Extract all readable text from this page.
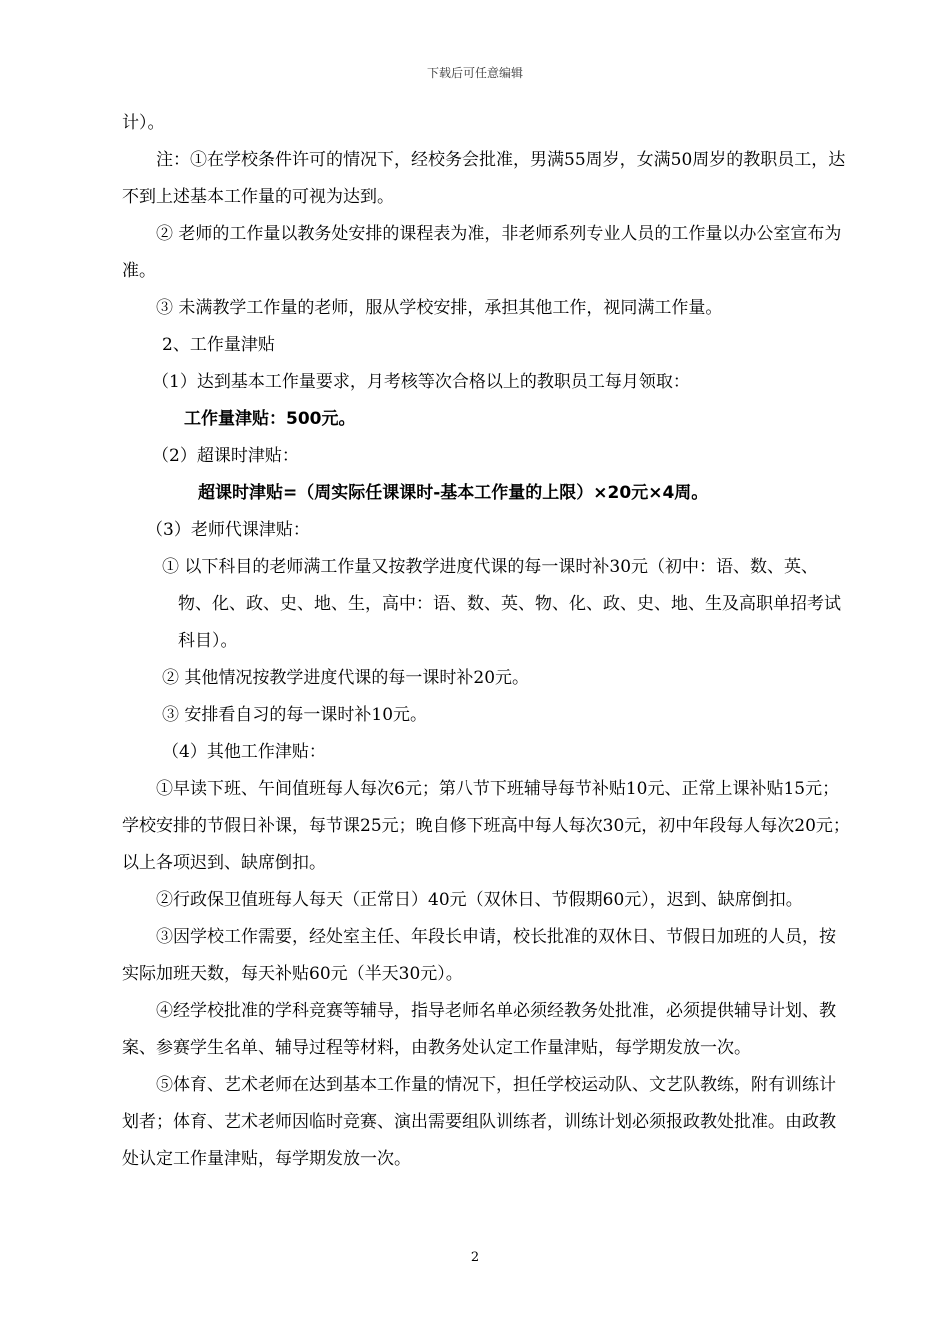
下载后可任意编辑

计）。

注：①在学校条件许可的情况下，经校务会批准，男满55周岁，女满50周岁的教职员工，达不到上述基本工作量的可视为达到。

② 老师的工作量以教务处安排的课程表为准，非老师系列专业人员的工作量以办公室宣布为准。

③ 未满教学工作量的老师，服从学校安排，承担其他工作，视同满工作量。

2、工作量津贴

（1）达到基本工作量要求，月考核等次合格以上的教职员工每月领取：

工作量津贴：500元。

（2）超课时津贴：

超课时津贴=（周实际任课课时-基本工作量的上限）×20元×4周。

（3）老师代课津贴：

① 以下科目的老师满工作量又按教学进度代课的每一课时补30元（初中：语、数、英、物、化、政、史、地、生，高中：语、数、英、物、化、政、史、地、生及高职单招考试科目）。

② 其他情况按教学进度代课的每一课时补20元。

③ 安排看自习的每一课时补10元。

（4）其他工作津贴：

①早读下班、午间值班每人每次6元；第八节下班辅导每节补贴10元、正常上课补贴15元；学校安排的节假日补课，每节课25元；晚自修下班高中每人每次30元，初中年段每人每次20元；以上各项迟到、缺席倒扣。

②行政保卫值班每人每天（正常日）40元（双休日、节假期60元），迟到、缺席倒扣。

③因学校工作需要，经处室主任、年段长申请，校长批准的双休日、节假日加班的人员，按实际加班天数，每天补贴60元（半天30元）。

④经学校批准的学科竞赛等辅导，指导老师名单必须经教务处批准，必须提供辅导计划、教案、参赛学生名单、辅导过程等材料，由教务处认定工作量津贴，每学期发放一次。

⑤体育、艺术老师在达到基本工作量的情况下，担任学校运动队、文艺队教练，附有训练计划者；体育、艺术老师因临时竞赛、演出需要组队训练者，训练计划必须报政教处批准。由政教处认定工作量津贴，每学期发放一次。

2
